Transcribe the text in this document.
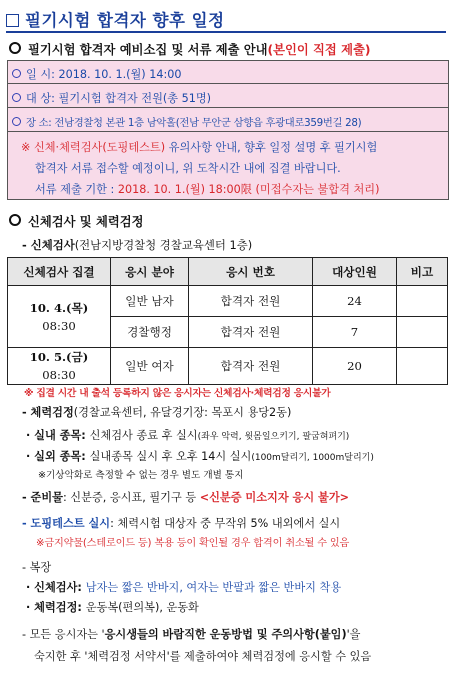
필기시험 합격자 향후 일정
필기시험 합격자 예비소집 및 서류 제출 안내(본인이 직접 제출)
일 시: 2018. 10. 1.(월) 14:00
대 상: 필기시험 합격자 전원(총 51명)
장 소: 전남경찰청 본관 1층 남악홀(전남 무안군 삼향읍 후광대로359번길 28)
※ 신체·체력검사(도핑테스트) 유의사항 안내, 향후 일정 설명 후 필기시험
합격자 서류 접수할 예정이니, 위 도착시간 내에 집결 바랍니다.
서류 제출 기한 : 2018. 10. 1.(월) 18:00限 (미접수자는 불합격 처리)
신체검사 및 체력검정
- 신체검사(전남지방경찰청 경찰교육센터 1층)
신체검사 집결	응시 분야	응시 번호	대상인원	비고

10. 4.(목)
08:30	일반 남자	합격자 전원	24	
	경찰행정	합격자 전원	7	

10. 5.(금)
08:30	일반 여자	합격자 전원	20	
※ 집결 시간 내 출석 등록하지 않은 응시자는 신체검사·체력검정 응시불가
- 체력검정(경찰교육센터, 유달경기장: 목포시 용당2동)
· 실내 종목: 신체검사 종료 후 실시(좌우 악력, 윗몸일으키기, 팔굽혀펴기)
· 실외 종목: 실내종목 실시 후 오후 14시 실시(100m달리기, 1000m달리기)
※기상악화로 측정할 수 없는 경우 별도 개별 통지
- 준비물: 신분증, 응시표, 필기구 등 <신분증 미소지자 응시 불가>
- 도핑테스트 실시: 체력시험 대상자 중 무작위 5% 내외에서 실시
※금지약물(스테로이드 등) 복용 등이 확인될 경우 합격이 취소될 수 있음
- 복장
· 신체검사: 남자는 짧은 반바지, 여자는 반팔과 짧은 반바지 착용
· 체력검정: 운동복(편의복), 운동화
- 모든 응시자는 '응시생들의 바람직한 운동방법 및 주의사항(붙임)'을
숙지한 후 '체력검정 서약서'를 제출하여야 체력검정에 응시할 수 있음
